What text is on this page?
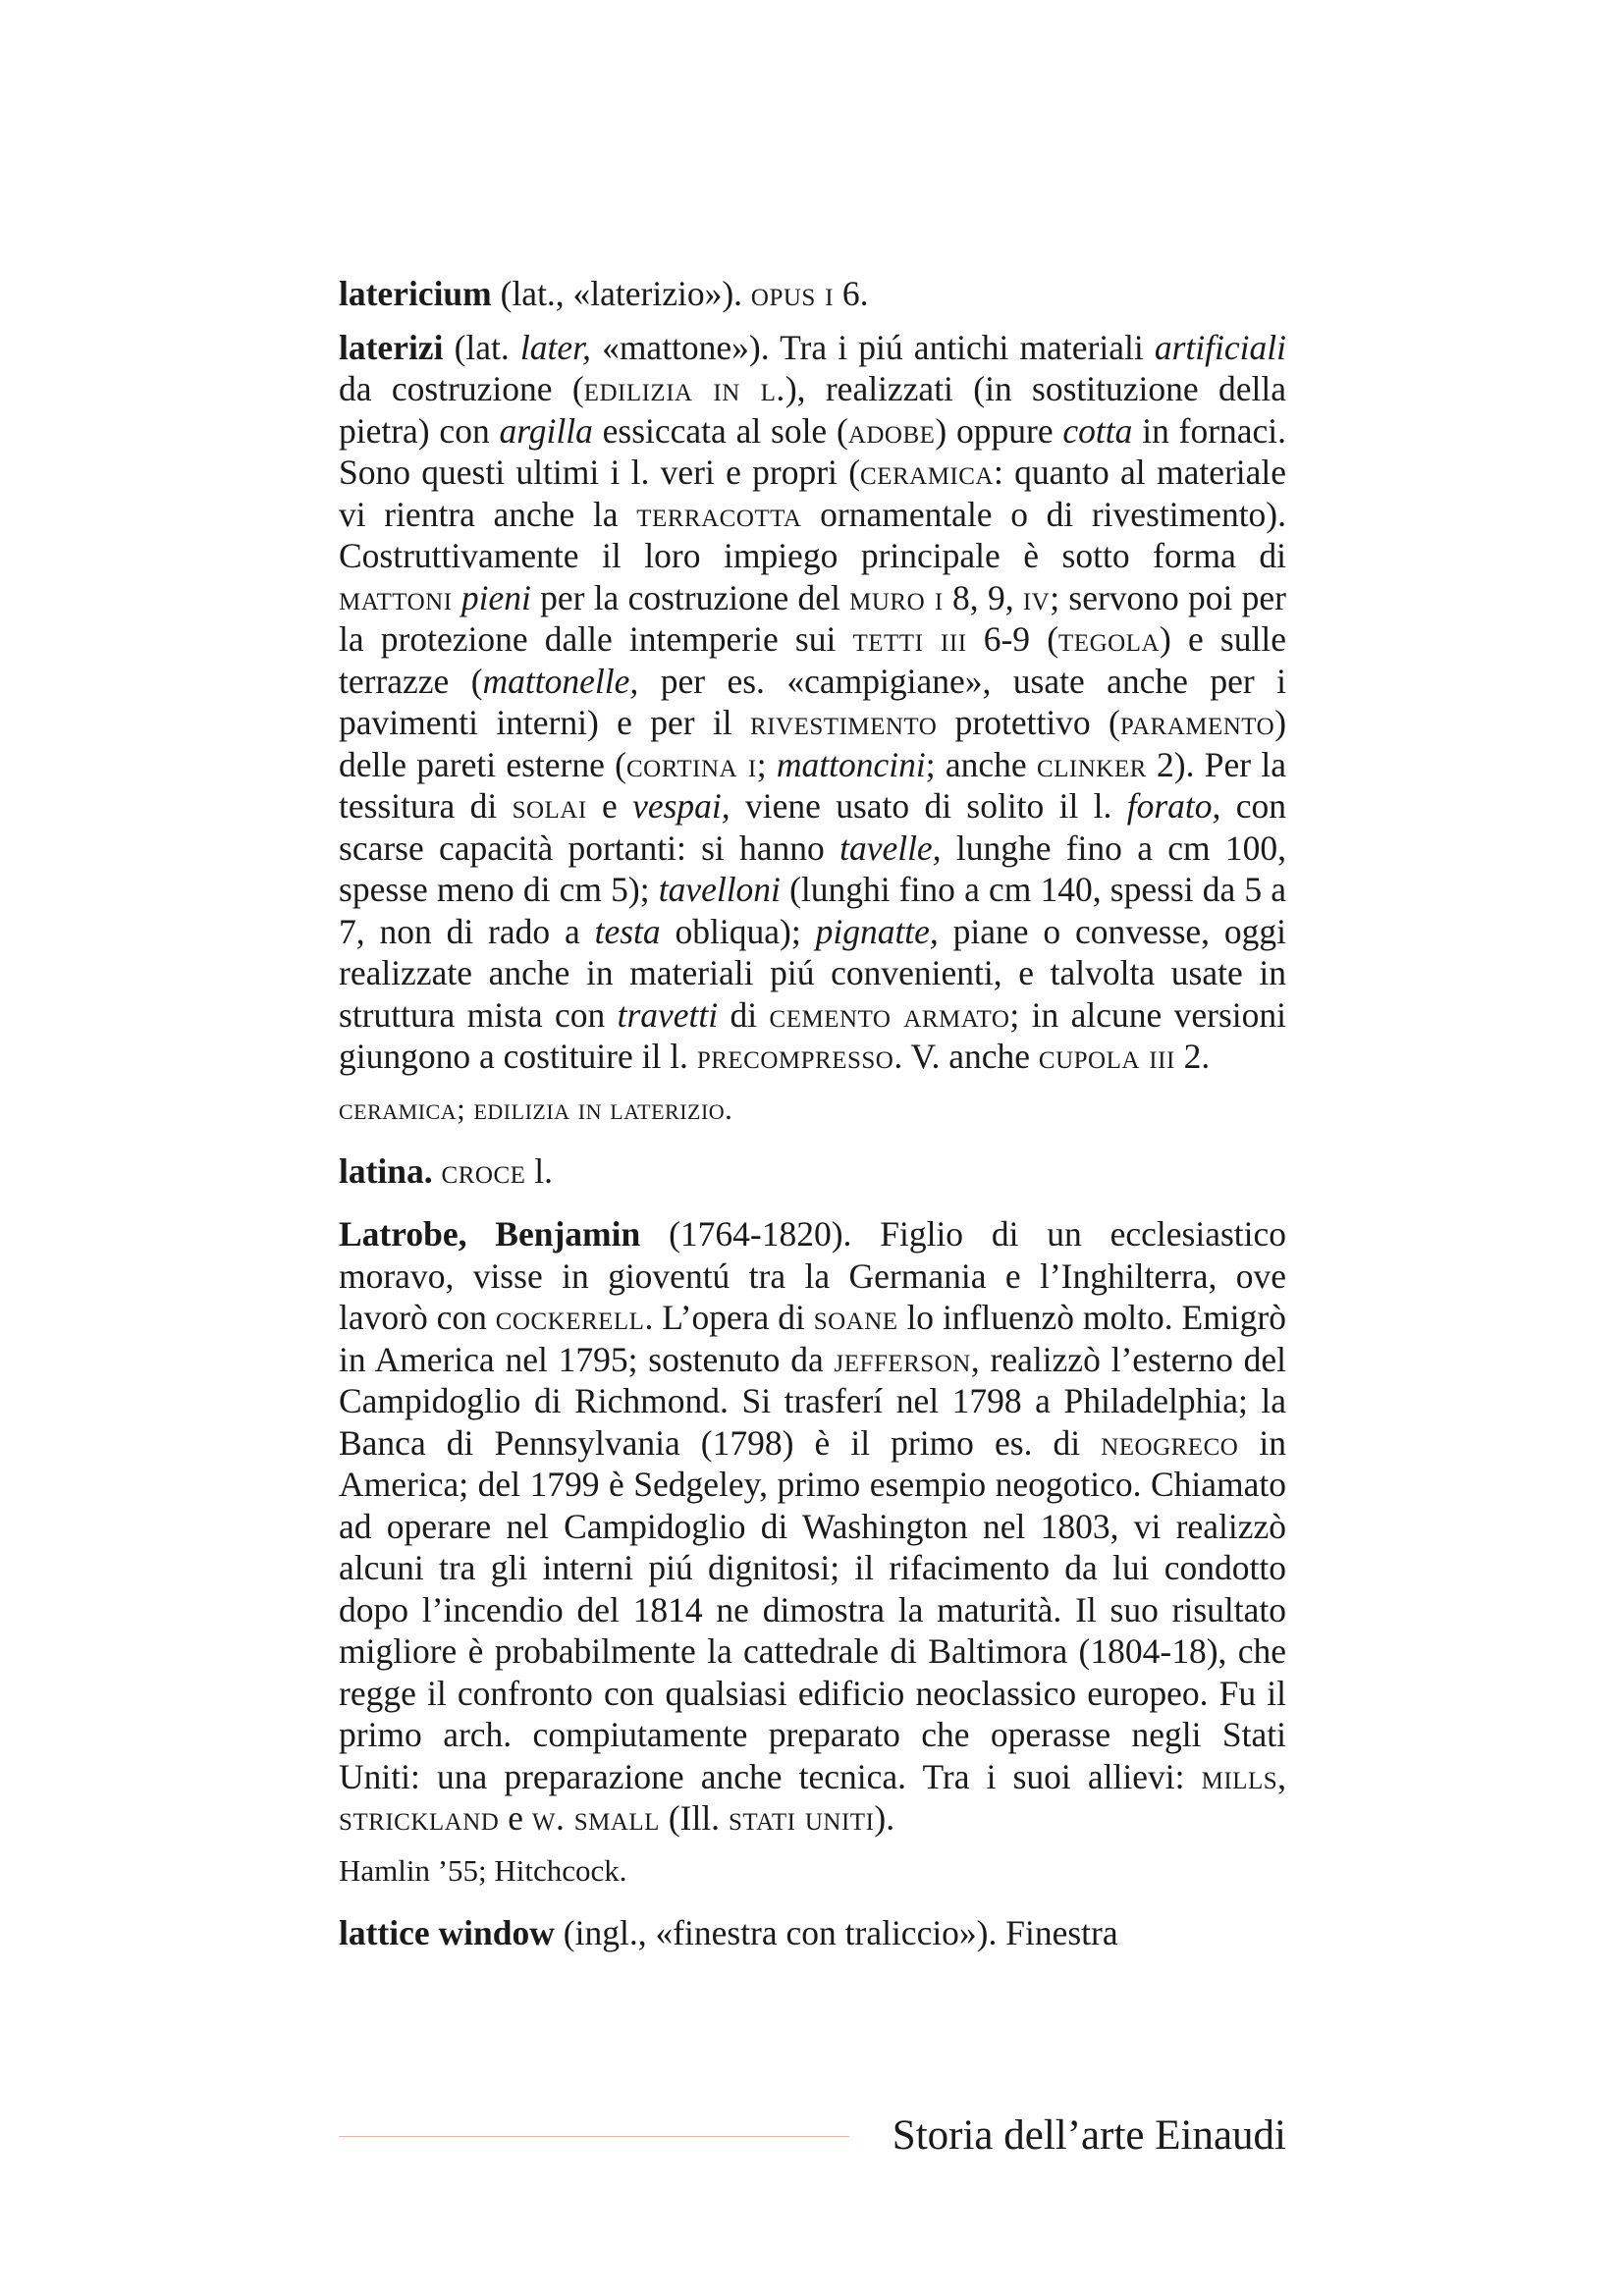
latericium (lat., «laterizio»). opus i 6.

laterizi (lat. later, «mattone»). Tra i piú antichi materiali artificiali da costruzione (edilizia in l.), realizzati (in sostituzione della pietra) con argilla essiccata al sole (adobe) oppure cotta in fornaci. Sono questi ultimi i l. veri e propri (ceramica: quanto al materiale vi rientra anche la terracotta ornamentale o di rivestimento). Costruttivamente il loro impiego principale è sotto forma di mattoni pieni per la costruzione del muro i 8, 9, iv; servono poi per la protezione dalle intemperie sui tetti iii 6-9 (tegola) e sulle terrazze (mattonelle, per es. «campigiane», usate anche per i pavimenti interni) e per il rivestimento protettivo (paramento) delle pareti esterne (cortina i; mattoncini; anche clinker 2). Per la tessitura di solai e vespai, viene usato di solito il l. forato, con scarse capacità portanti: si hanno tavelle, lunghe fino a cm 100, spesse meno di cm 5); tavelloni (lunghi fino a cm 140, spessi da 5 a 7, non di rado a testa obliqua); pignatte, piane o convesse, oggi realizzate anche in materiali piú convenienti, e talvolta usate in struttura mista con travetti di cemento armato; in alcune versioni giungono a costituire il l. precompresso. V. anche cupola iii 2.

ceramica; edilizia in laterizio.

latina. croce l.

Latrobe, Benjamin (1764-1820). Figlio di un ecclesiastico moravo, visse in gioventú tra la Germania e l’Inghilterra, ove lavorò con cockerell. L’opera di soane lo influenzò molto. Emigrò in America nel 1795; sostenuto da jefferson, realizzò l’esterno del Campidoglio di Richmond. Si trasferí nel 1798 a Philadelphia; la Banca di Pennsylvania (1798) è il primo es. di neogreco in America; del 1799 è Sedgeley, primo esempio neogotico. Chiamato ad operare nel Campidoglio di Washington nel 1803, vi realizzò alcuni tra gli interni piú dignitosi; il rifacimento da lui condotto dopo l’incendio del 1814 ne dimostra la maturità. Il suo risultato migliore è probabilmente la cattedrale di Baltimora (1804-18), che regge il confronto con qualsiasi edificio neoclassico europeo. Fu il primo arch. compiutamente preparato che operasse negli Stati Uniti: una preparazione anche tecnica. Tra i suoi allievi: mills, strickland e w. small (Ill. stati uniti).

Hamlin ’55; Hitchcock.

lattice window (ingl., «finestra con traliccio»). Finestra

Storia dell’arte Einaudi
